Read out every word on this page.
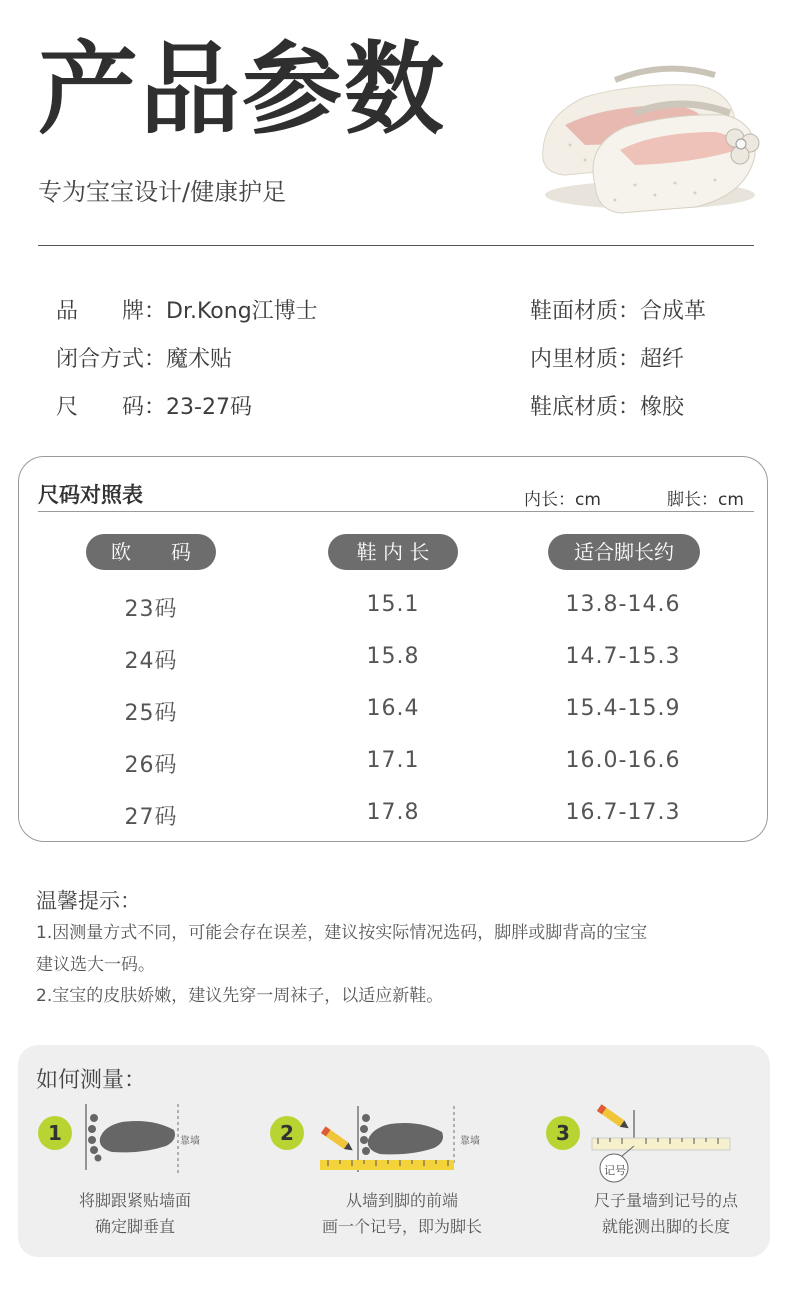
产品参数
专为宝宝设计/健康护足
品　　牌：Dr.Kong江博士
闭合方式：魔术贴
尺　　码：23-27码
鞋面材质：合成革
内里材质：超纤
鞋底材质：橡胶
尺码对照表	内长：cm	脚长：cm
欧　　码	鞋 内 长	适合脚长约
23码	15.1	13.8-14.6
24码	15.8	14.7-15.3
25码	16.4	15.4-15.9
26码	17.1	16.0-16.6
27码	17.8	16.7-17.3
温馨提示：
1.因测量方式不同，可能会存在误差，建议按实际情况选码，脚胖或脚背高的宝宝
建议选大一码。
2.宝宝的皮肤娇嫩，建议先穿一周袜子，以适应新鞋。
如何测量：
1	靠墙
将脚跟紧贴墙面
确定脚垂直
2	靠墙
从墙到脚的前端
画一个记号，即为脚长
3
记号
尺子量墙到记号的点
就能测出脚的长度
